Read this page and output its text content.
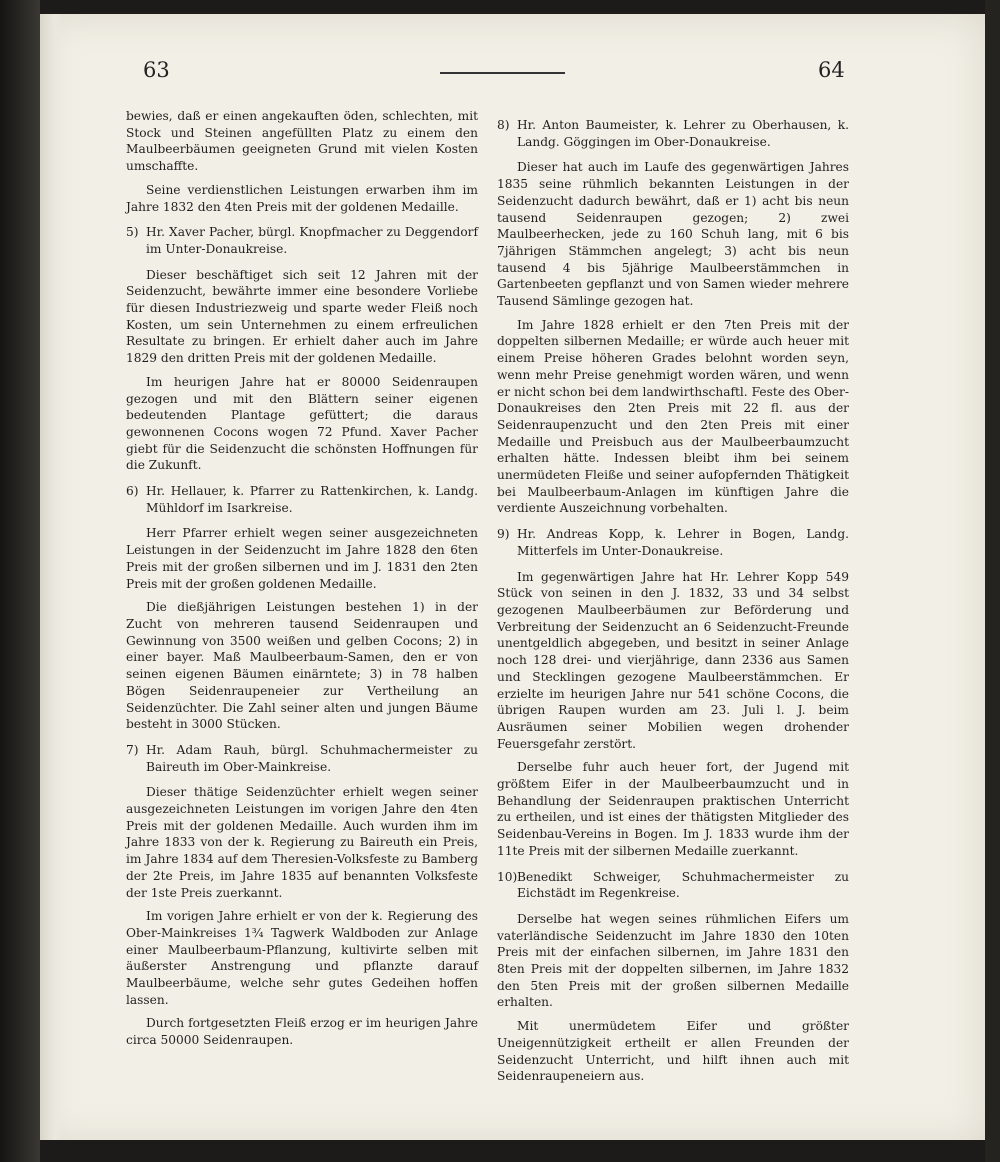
63	64

bewies, daß er einen angekauften öden, schlechten, mit Stock und Steinen angefüllten Platz zu einem den Maulbeerbäumen geeigneten Grund mit vielen Kosten umschaffte.

Seine verdienstlichen Leistungen erwarben ihm im Jahre 1832 den 4ten Preis mit der goldenen Medaille.

5) Hr. Xaver Pacher, bürgl. Knopfmacher zu Deggendorf im Unter-Donaukreise.

Dieser beschäftiget sich seit 12 Jahren mit der Seidenzucht, bewährte immer eine besondere Vorliebe für diesen Industriezweig und sparte weder Fleiß noch Kosten, um sein Unternehmen zu einem erfreulichen Resultate zu bringen. Er erhielt daher auch im Jahre 1829 den dritten Preis mit der goldenen Medaille.

Im heurigen Jahre hat er 80000 Seidenraupen gezogen und mit den Blättern seiner eigenen bedeutenden Plantage gefüttert; die daraus gewonnenen Cocons wogen 72 Pfund. Xaver Pacher giebt für die Seidenzucht die schönsten Hoffnungen für die Zukunft.

6) Hr. Hellauer, k. Pfarrer zu Rattenkirchen, k. Landg. Mühldorf im Isarkreise.

Herr Pfarrer erhielt wegen seiner ausgezeichneten Leistungen in der Seidenzucht im Jahre 1828 den 6ten Preis mit der großen silbernen und im J. 1831 den 2ten Preis mit der großen goldenen Medaille.

Die dießjährigen Leistungen bestehen 1) in der Zucht von mehreren tausend Seidenraupen und Gewinnung von 3500 weißen und gelben Cocons; 2) in einer bayer. Maß Maulbeerbaum-Samen, den er von seinen eigenen Bäumen einärntete; 3) in 78 halben Bögen Seidenraupeneier zur Vertheilung an Seidenzüchter. Die Zahl seiner alten und jungen Bäume besteht in 3000 Stücken.

7) Hr. Adam Rauh, bürgl. Schuhmachermeister zu Baireuth im Ober-Mainkreise.

Dieser thätige Seidenzüchter erhielt wegen seiner ausgezeichneten Leistungen im vorigen Jahre den 4ten Preis mit der goldenen Medaille. Auch wurden ihm im Jahre 1833 von der k. Regierung zu Baireuth ein Preis, im Jahre 1834 auf dem Theresien-Volksfeste zu Bamberg der 2te Preis, im Jahre 1835 auf benannten Volksfeste der 1ste Preis zuerkannt.

Im vorigen Jahre erhielt er von der k. Regierung des Ober-Mainkreises 1¾ Tagwerk Waldboden zur Anlage einer Maulbeerbaum-Pflanzung, kultivirte selben mit äußerster Anstrengung und pflanzte darauf Maulbeerbäume, welche sehr gutes Gedeihen hoffen lassen.

Durch fortgesetzten Fleiß erzog er im heurigen Jahre circa 50000 Seidenraupen.

8) Hr. Anton Baumeister, k. Lehrer zu Oberhausen, k. Landg. Göggingen im Ober-Donaukreise.

Dieser hat auch im Laufe des gegenwärtigen Jahres 1835 seine rühmlich bekannten Leistungen in der Seidenzucht dadurch bewährt, daß er 1) acht bis neun tausend Seidenraupen gezogen; 2) zwei Maulbeerhecken, jede zu 160 Schuh lang, mit 6 bis 7jährigen Stämmchen angelegt; 3) acht bis neun tausend 4 bis 5jährige Maulbeerstämmchen in Gartenbeeten gepflanzt und von Samen wieder mehrere Tausend Sämlinge gezogen hat.

Im Jahre 1828 erhielt er den 7ten Preis mit der doppelten silbernen Medaille; er würde auch heuer mit einem Preise höheren Grades belohnt worden seyn, wenn mehr Preise genehmigt worden wären, und wenn er nicht schon bei dem landwirthschaftl. Feste des Ober-Donaukreises den 2ten Preis mit 22 fl. aus der Seidenraupenzucht und den 2ten Preis mit einer Medaille und Preisbuch aus der Maulbeerbaumzucht erhalten hätte. Indessen bleibt ihm bei seinem unermüdeten Fleiße und seiner aufopfernden Thätigkeit bei Maulbeerbaum-Anlagen im künftigen Jahre die verdiente Auszeichnung vorbehalten.

9) Hr. Andreas Kopp, k. Lehrer in Bogen, Landg. Mitterfels im Unter-Donaukreise.

Im gegenwärtigen Jahre hat Hr. Lehrer Kopp 549 Stück von seinen in den J. 1832, 33 und 34 selbst gezogenen Maulbeerbäumen zur Beförderung und Verbreitung der Seidenzucht an 6 Seidenzucht-Freunde unentgeldlich abgegeben, und besitzt in seiner Anlage noch 128 drei- und vierjährige, dann 2336 aus Samen und Stecklingen gezogene Maulbeerstämmchen. Er erzielte im heurigen Jahre nur 541 schöne Cocons, die übrigen Raupen wurden am 23. Juli l. J. beim Ausräumen seiner Mobilien wegen drohender Feuersgefahr zerstört.

Derselbe fuhr auch heuer fort, der Jugend mit größtem Eifer in der Maulbeerbaumzucht und in Behandlung der Seidenraupen praktischen Unterricht zu ertheilen, und ist eines der thätigsten Mitglieder des Seidenbau-Vereins in Bogen. Im J. 1833 wurde ihm der 11te Preis mit der silbernen Medaille zuerkannt.

10)Benedikt Schweiger, Schuhmachermeister zu Eichstädt im Regenkreise.

Derselbe hat wegen seines rühmlichen Eifers um vaterländische Seidenzucht im Jahre 1830 den 10ten Preis mit der einfachen silbernen, im Jahre 1831 den 8ten Preis mit der doppelten silbernen, im Jahre 1832 den 5ten Preis mit der großen silbernen Medaille erhalten.

Mit unermüdetem Eifer und größter Uneigennützigkeit ertheilt er allen Freunden der Seidenzucht Unterricht, und hilft ihnen auch mit Seidenraupeneiern aus.
